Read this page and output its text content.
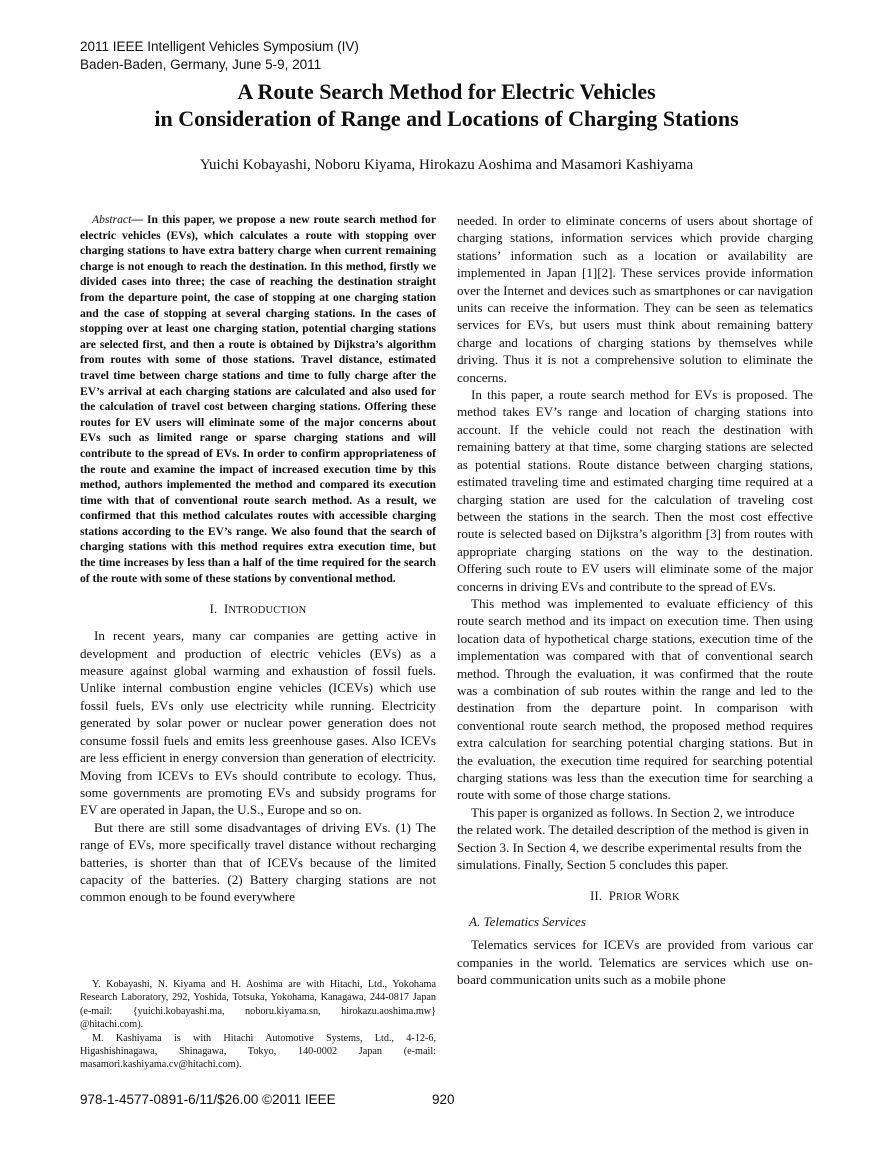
2011 IEEE Intelligent Vehicles Symposium (IV)
Baden-Baden, Germany, June 5-9, 2011
A Route Search Method for Electric Vehicles
in Consideration of Range and Locations of Charging Stations
Yuichi Kobayashi, Noboru Kiyama, Hirokazu Aoshima and Masamori Kashiyama

Abstract— In this paper, we propose a new route search method for electric vehicles (EVs), which calculates a route with stopping over charging stations to have extra battery charge when current remaining charge is not enough to reach the destination. In this method, firstly we divided cases into three; the case of reaching the destination straight from the departure point, the case of stopping at one charging station and the case of stopping at several charging stations. In the cases of stopping over at least one charging station, potential charging stations are selected first, and then a route is obtained by Dijkstra’s algorithm from routes with some of those stations. Travel distance, estimated travel time between charge stations and time to fully charge after the EV’s arrival at each charging stations are calculated and also used for the calculation of travel cost between charging stations. Offering these routes for EV users will eliminate some of the major concerns about EVs such as limited range or sparse charging stations and will contribute to the spread of EVs. In order to confirm appropriateness of the route and examine the impact of increased execution time by this method, authors implemented the method and compared its execution time with that of conventional route search method. As a result, we confirmed that this method calculates routes with accessible charging stations according to the EV’s range. We also found that the search of charging stations with this method requires extra execution time, but the time increases by less than a half of the time required for the search of the route with some of these stations by conventional method.

I. INTRODUCTION

In recent years, many car companies are getting active in development and production of electric vehicles (EVs) as a measure against global warming and exhaustion of fossil fuels. Unlike internal combustion engine vehicles (ICEVs) which use fossil fuels, EVs only use electricity while running. Electricity generated by solar power or nuclear power generation does not consume fossil fuels and emits less greenhouse gases. Also ICEVs are less efficient in energy conversion than generation of electricity. Moving from ICEVs to EVs should contribute to ecology. Thus, some governments are promoting EVs and subsidy programs for EV are operated in Japan, the U.S., Europe and so on.

But there are still some disadvantages of driving EVs. (1) The range of EVs, more specifically travel distance without recharging batteries, is shorter than that of ICEVs because of the limited capacity of the batteries. (2) Battery charging stations are not common enough to be found everywhere

needed. In order to eliminate concerns of users about shortage of charging stations, information services which provide charging stations’ information such as a location or availability are implemented in Japan [1][2]. These services provide information over the Internet and devices such as smartphones or car navigation units can receive the information. They can be seen as telematics services for EVs, but users must think about remaining battery charge and locations of charging stations by themselves while driving. Thus it is not a comprehensive solution to eliminate the concerns.

In this paper, a route search method for EVs is proposed. The method takes EV’s range and location of charging stations into account. If the vehicle could not reach the destination with remaining battery at that time, some charging stations are selected as potential stations. Route distance between charging stations, estimated traveling time and estimated charging time required at a charging station are used for the calculation of traveling cost between the stations in the search. Then the most cost effective route is selected based on Dijkstra’s algorithm [3] from routes with appropriate charging stations on the way to the destination. Offering such route to EV users will eliminate some of the major concerns in driving EVs and contribute to the spread of EVs.

This method was implemented to evaluate efficiency of this route search method and its impact on execution time. Then using location data of hypothetical charge stations, execution time of the implementation was compared with that of conventional search method. Through the evaluation, it was confirmed that the route was a combination of sub routes within the range and led to the destination from the departure point. In comparison with conventional route search method, the proposed method requires extra calculation for searching potential charging stations. But in the evaluation, the execution time required for searching potential charging stations was less than the execution time for searching a route with some of those charge stations.

This paper is organized as follows. In Section 2, we introduce the related work. The detailed description of the method is given in Section 3. In Section 4, we describe experimental results from the simulations. Finally, Section 5 concludes this paper.

II. PRIOR WORK
A. Telematics Services

Telematics services for ICEVs are provided from various car companies in the world. Telematics are services which use on-board communication units such as a mobile phone

Y. Kobayashi, N. Kiyama and H. Aoshima are with Hitachi, Ltd., Yokohama Research Laboratory, 292, Yoshida, Totsuka, Yokohama, Kanagawa, 244-0817 Japan (e-mail: {yuichi.kobayashi.ma, noboru.kiyama.sn, hirokazu.aoshima.mw} @hitachi.com).

M. Kashiyama is with Hitachi Automotive Systems, Ltd., 4-12-6, Higashishinagawa, Shinagawa, Tokyo, 140-0002 Japan (e-mail: masamori.kashiyama.cv@hitachi.com).

978-1-4577-0891-6/11/$26.00 ©2011 IEEE	920
